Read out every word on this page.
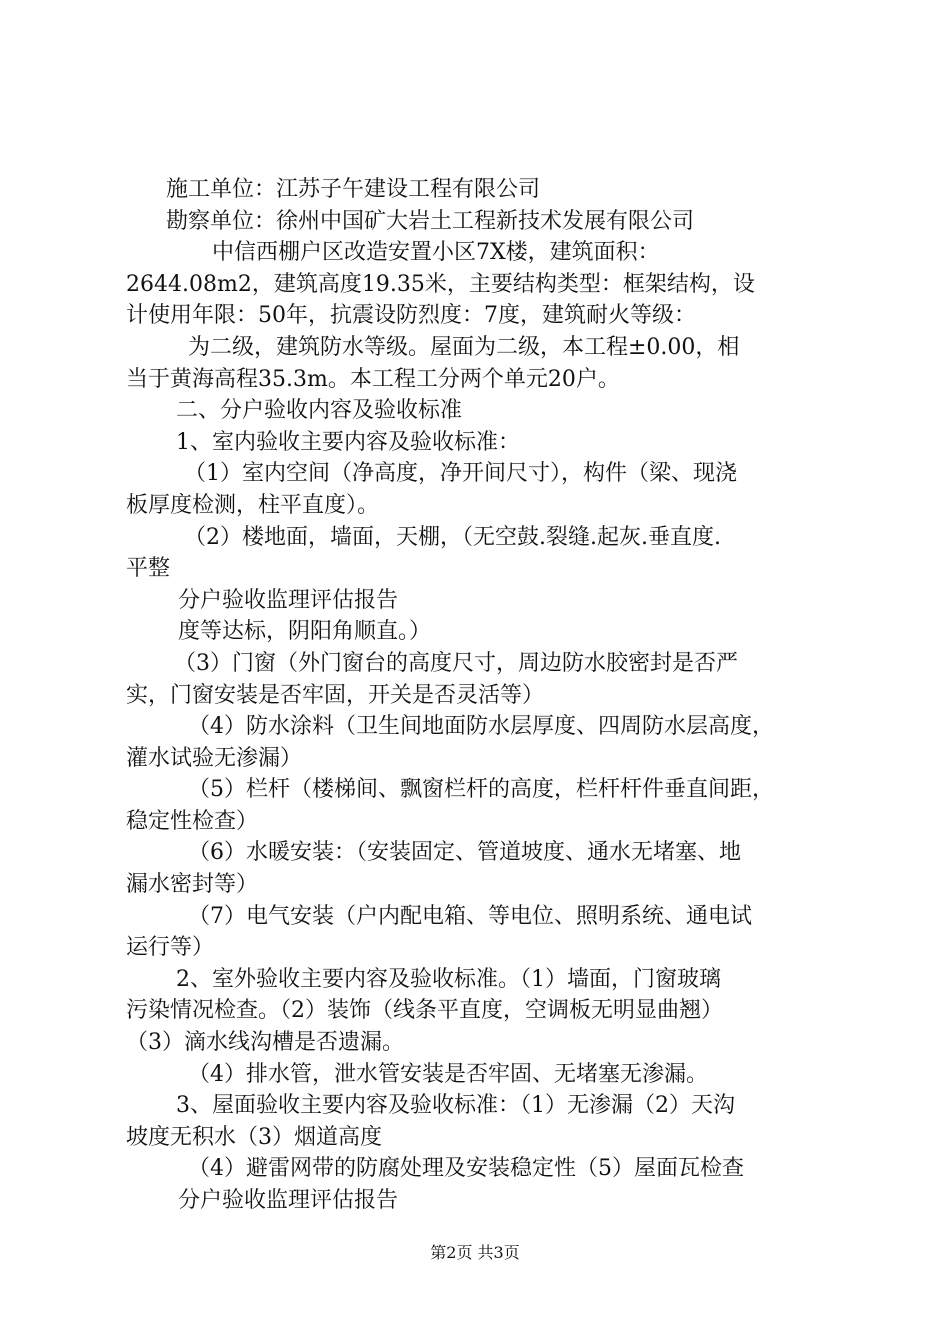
施工单位：江苏子午建设工程有限公司
勘察单位：徐州中国矿大岩土工程新技术发展有限公司
中信西棚户区改造安置小区7X楼，建筑面积：
2644.08m2，建筑高度19.35米，主要结构类型：框架结构，设
计使用年限：50年，抗震设防烈度：7度，建筑耐火等级：
为二级，建筑防水等级。屋面为二级，本工程±0.00，相
当于黄海高程35.3m。本工程工分两个单元20户。
二、分户验收内容及验收标准
1、室内验收主要内容及验收标准：
（1）室内空间（净高度，净开间尺寸），构件（梁、现浇
板厚度检测，柱平直度）。
（2）楼地面，墙面，天棚，（无空鼓.裂缝.起灰.垂直度.
平整
分户验收监理评估报告
度等达标，阴阳角顺直。）
（3）门窗（外门窗台的高度尺寸，周边防水胶密封是否严
实，门窗安装是否牢固，开关是否灵活等）
（4）防水涂料（卫生间地面防水层厚度、四周防水层高度，
灌水试验无渗漏）
（5）栏杆（楼梯间、飘窗栏杆的高度，栏杆杆件垂直间距，
稳定性检查）
（6）水暖安装：（安装固定、管道坡度、通水无堵塞、地
漏水密封等）
（7）电气安装（户内配电箱、等电位、照明系统、通电试
运行等）
2、室外验收主要内容及验收标准。（1）墙面，门窗玻璃
污染情况检查。（2）装饰（线条平直度，空调板无明显曲翘）
（3）滴水线沟槽是否遗漏。
（4）排水管，泄水管安装是否牢固、无堵塞无渗漏。
3、屋面验收主要内容及验收标准：（1）无渗漏（2）天沟
坡度无积水（3）烟道高度
（4）避雷网带的防腐处理及安装稳定性（5）屋面瓦检查
分户验收监理评估报告
第2页 共3页
